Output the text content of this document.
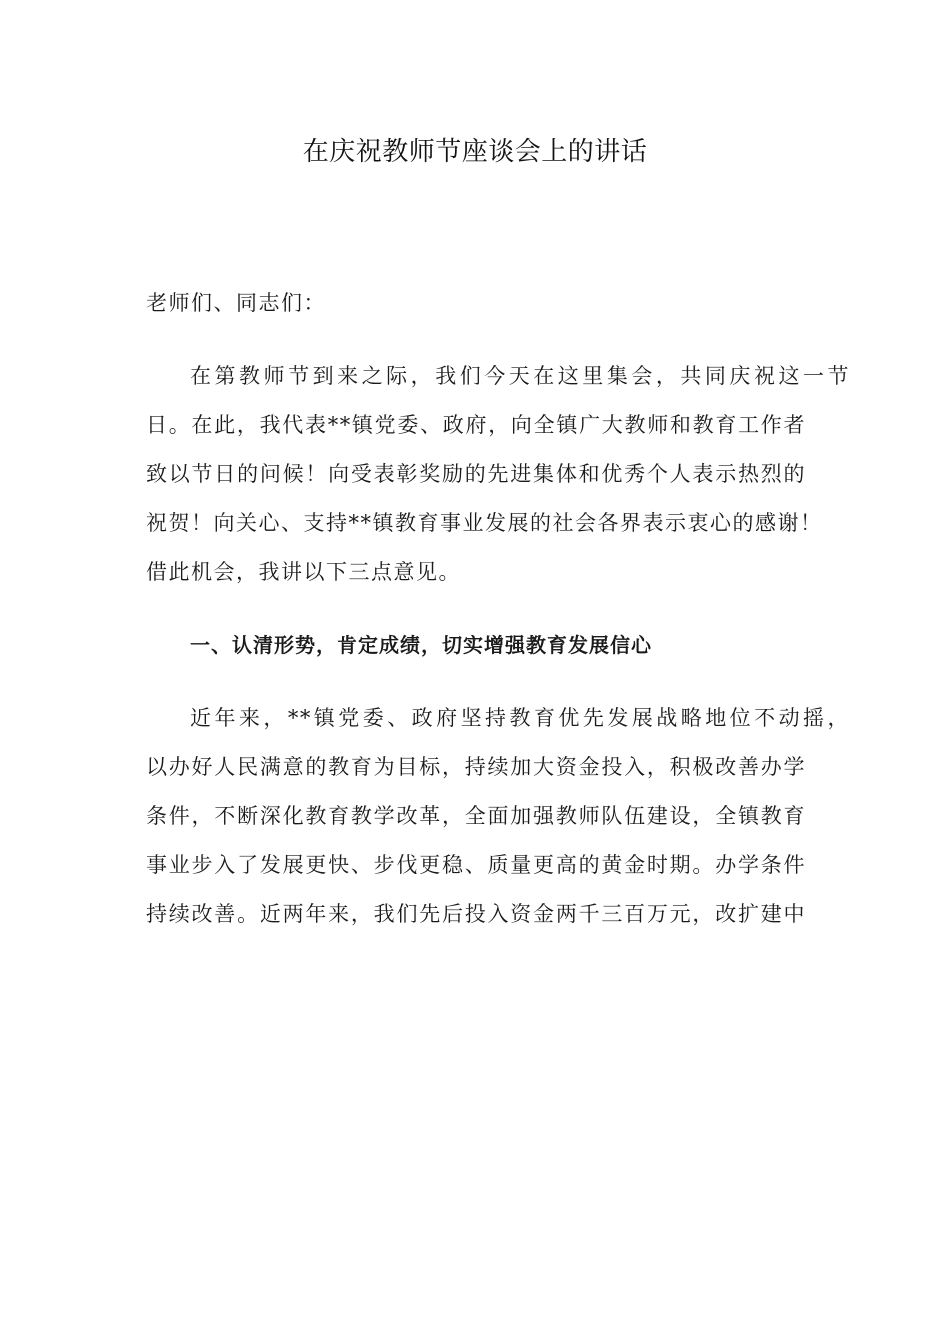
在庆祝教师节座谈会上的讲话
老师们、同志们：
在第教师节到来之际，我们今天在这里集会，共同庆祝这一节
日。在此，我代表**镇党委、政府，向全镇广大教师和教育工作者
致以节日的问候！向受表彰奖励的先进集体和优秀个人表示热烈的
祝贺！向关心、支持**镇教育事业发展的社会各界表示衷心的感谢！
借此机会，我讲以下三点意见。
一、认清形势，肯定成绩，切实增强教育发展信心
近年来，**镇党委、政府坚持教育优先发展战略地位不动摇，
以办好人民满意的教育为目标，持续加大资金投入，积极改善办学
条件，不断深化教育教学改革，全面加强教师队伍建设，全镇教育
事业步入了发展更快、步伐更稳、质量更高的黄金时期。办学条件
持续改善。近两年来，我们先后投入资金两千三百万元，改扩建中
